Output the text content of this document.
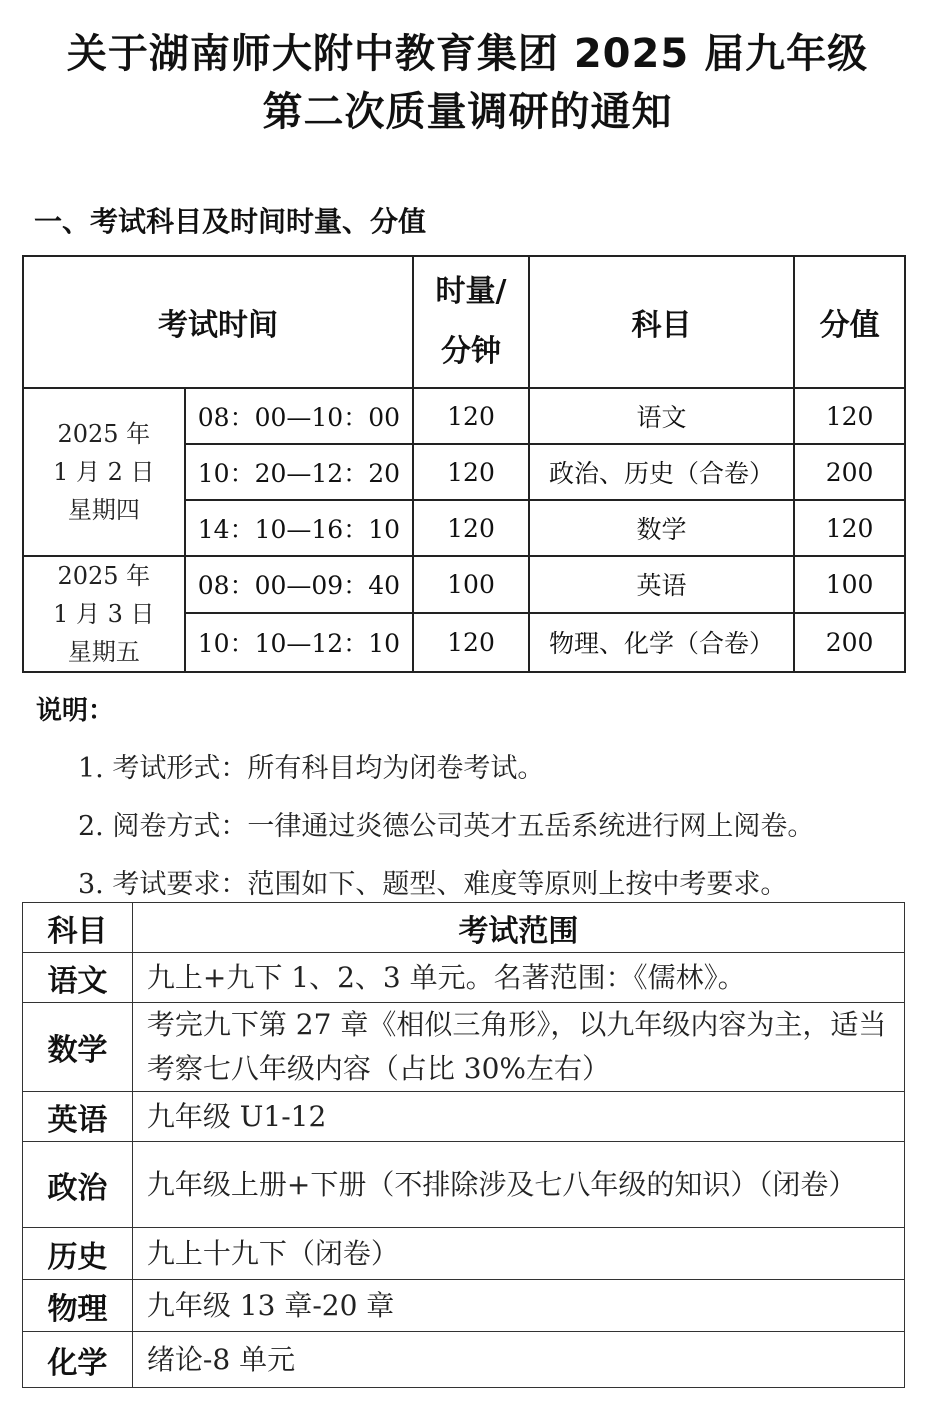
关于湖南师大附中教育集团 2025 届九年级
第二次质量调研的通知
一、考试科目及时间时量、分值
考试时间		时量/
分钟	科目	分值

2025 年
1 月 2 日
星期四	08：00—10：00	120	语文	120
	10：20—12：20	120	政治、历史（合卷）	200
	14：10—16：10	120	数学	120

2025 年
1 月 3 日
星期五	08：00—09：40	100	英语	100
	10：10—12：10	120	物理、化学（合卷）	200
说明：
1. 考试形式：所有科目均为闭卷考试。
2. 阅卷方式：一律通过炎德公司英才五岳系统进行网上阅卷。
3. 考试要求：范围如下、题型、难度等原则上按中考要求。
科目	考试范围
语文	九上+九下 1、2、3 单元。名著范围：《儒林》。
数学	考完九下第 27 章《相似三角形》，以九年级内容为主，适当考察七八年级内容（占比 30%左右）
英语	九年级 U1-12
政治	九年级上册+下册（不排除涉及七八年级的知识）（闭卷）
历史	九上十九下（闭卷）
物理	九年级 13 章-20 章
化学	绪论-8 单元
